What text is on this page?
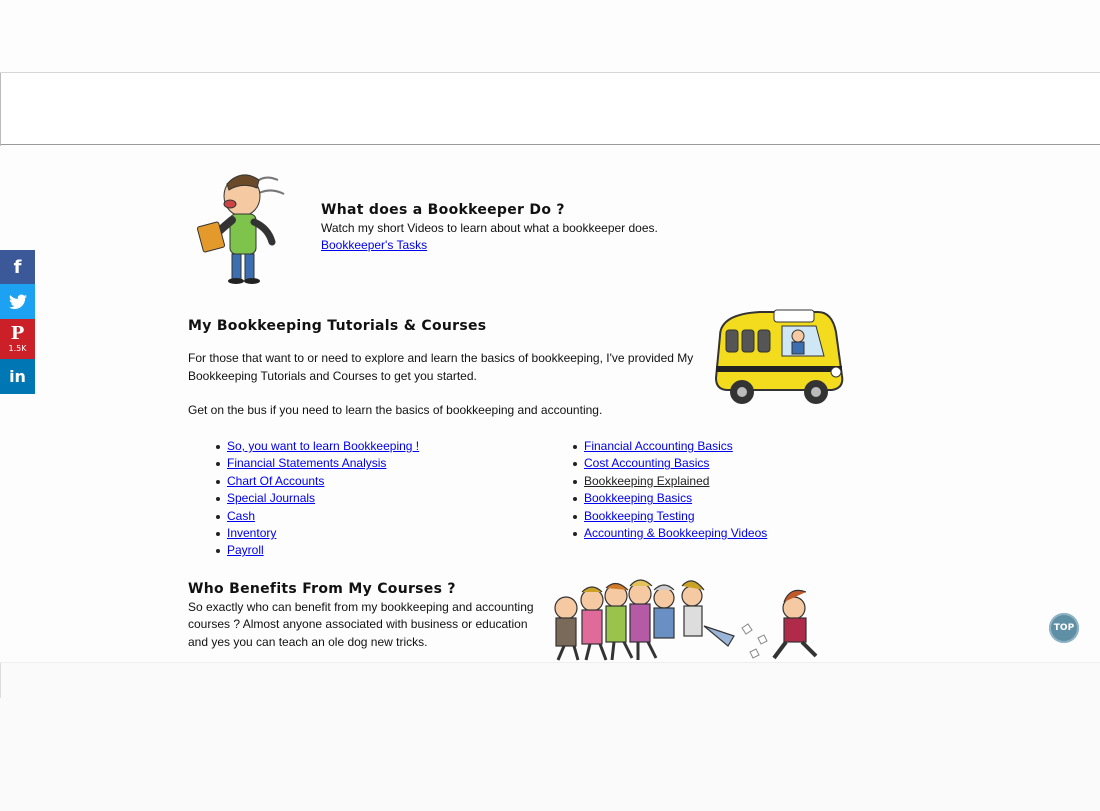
f
P
1.5K
in
What does a Bookkeeper Do ?

Watch my short Videos to learn about what a bookkeeper does.

Bookkeeper's Tasks

My Bookkeeping Tutorials & Courses

For those that want to or need to explore and learn the basics of bookkeeping, I've provided My

Bookkeeping Tutorials and Courses to get you started.

Get on the bus if you need to learn the basics of bookkeeping and accounting.

So, you want to learn Bookkeeping !
Financial Statements Analysis
Chart Of Accounts
Special Journals
Cash
Inventory
Payroll
Financial Accounting Basics
Cost Accounting Basics
Bookkeeping Explained
Bookkeeping Basics
Bookkeeping Testing
Accounting & Bookkeeping Videos
Who Benefits From My Courses ?

So exactly who can benefit from my bookkeeping and accounting

courses ? Almost anyone associated with business or education

and yes you can teach an ole dog new tricks.

TOP
